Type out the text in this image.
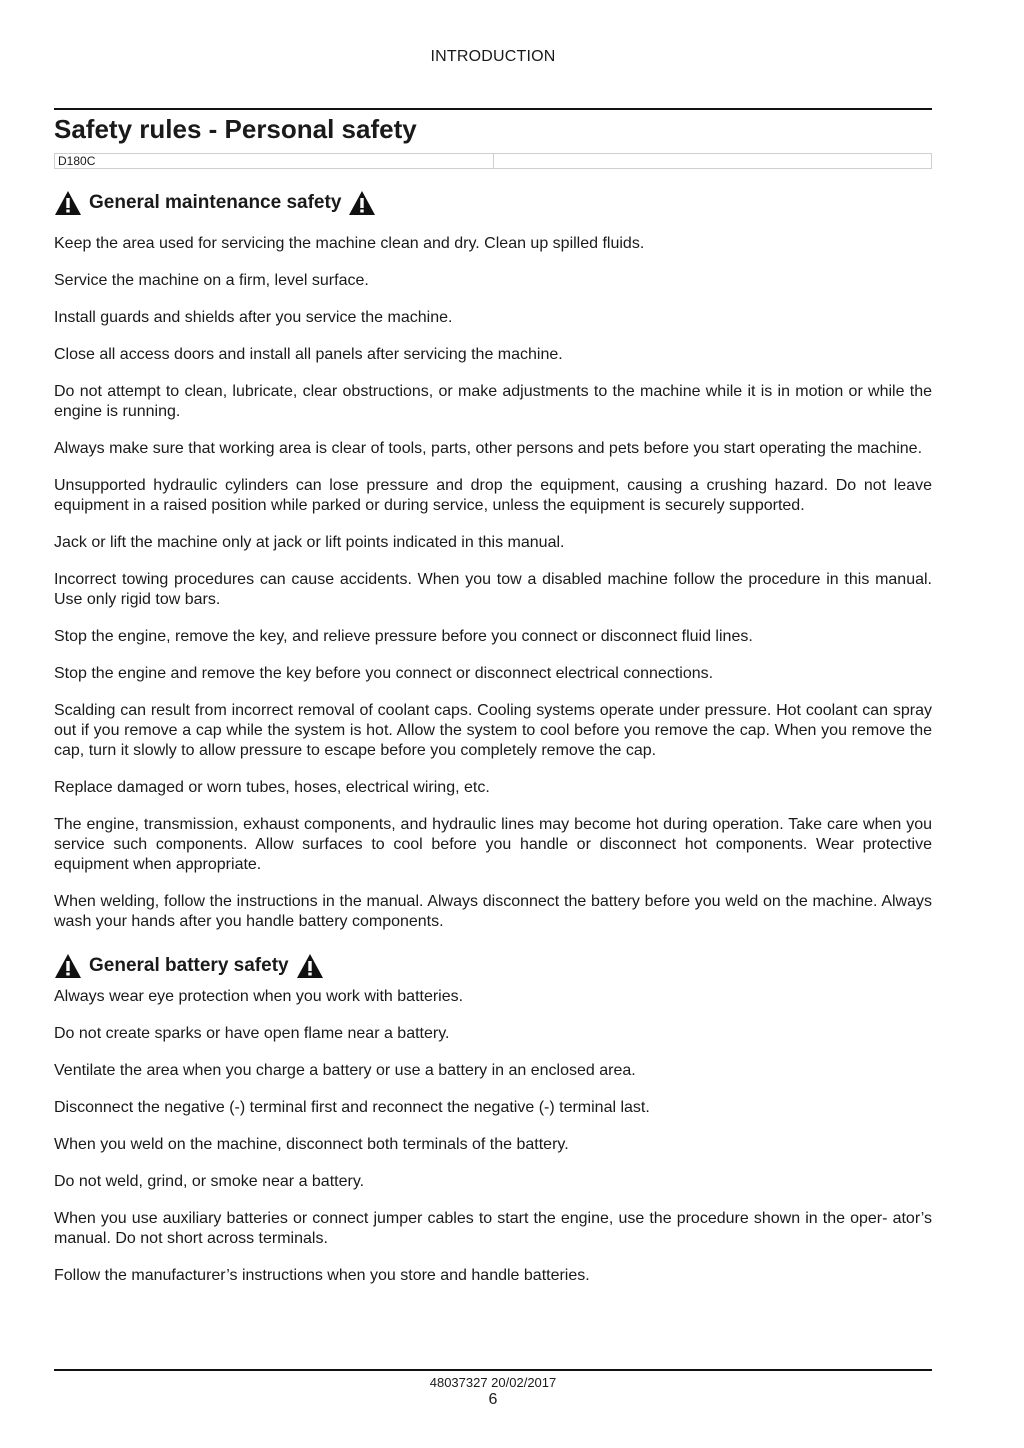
INTRODUCTION
Safety rules - Personal safety
D180C
General maintenance safety

Keep the area used for servicing the machine clean and dry. Clean up spilled fluids.

Service the machine on a firm, level surface.

Install guards and shields after you service the machine.

Close all access doors and install all panels after servicing the machine.

Do not attempt to clean, lubricate, clear obstructions, or make adjustments to the machine while it is in motion or while the engine is running.

Always make sure that working area is clear of tools, parts, other persons and pets before you start operating the machine.

Unsupported hydraulic cylinders can lose pressure and drop the equipment, causing a crushing hazard. Do not leave equipment in a raised position while parked or during service, unless the equipment is securely supported.

Jack or lift the machine only at jack or lift points indicated in this manual.

Incorrect towing procedures can cause accidents. When you tow a disabled machine follow the procedure in this manual. Use only rigid tow bars.

Stop the engine, remove the key, and relieve pressure before you connect or disconnect fluid lines.

Stop the engine and remove the key before you connect or disconnect electrical connections.

Scalding can result from incorrect removal of coolant caps. Cooling systems operate under pressure. Hot coolant can spray out if you remove a cap while the system is hot. Allow the system to cool before you remove the cap. When you remove the cap, turn it slowly to allow pressure to escape before you completely remove the cap.

Replace damaged or worn tubes, hoses, electrical wiring, etc.

The engine, transmission, exhaust components, and hydraulic lines may become hot during operation. Take care when you service such components. Allow surfaces to cool before you handle or disconnect hot components. Wear protective equipment when appropriate.

When welding, follow the instructions in the manual. Always disconnect the battery before you weld on the machine. Always wash your hands after you handle battery components.

General battery safety

Always wear eye protection when you work with batteries.

Do not create sparks or have open flame near a battery.

Ventilate the area when you charge a battery or use a battery in an enclosed area.

Disconnect the negative (-) terminal first and reconnect the negative (-) terminal last.

When you weld on the machine, disconnect both terminals of the battery.

Do not weld, grind, or smoke near a battery.

When you use auxiliary batteries or connect jumper cables to start the engine, use the procedure shown in the oper- ator’s manual. Do not short across terminals.

Follow the manufacturer’s instructions when you store and handle batteries.

48037327 20/02/2017
6
